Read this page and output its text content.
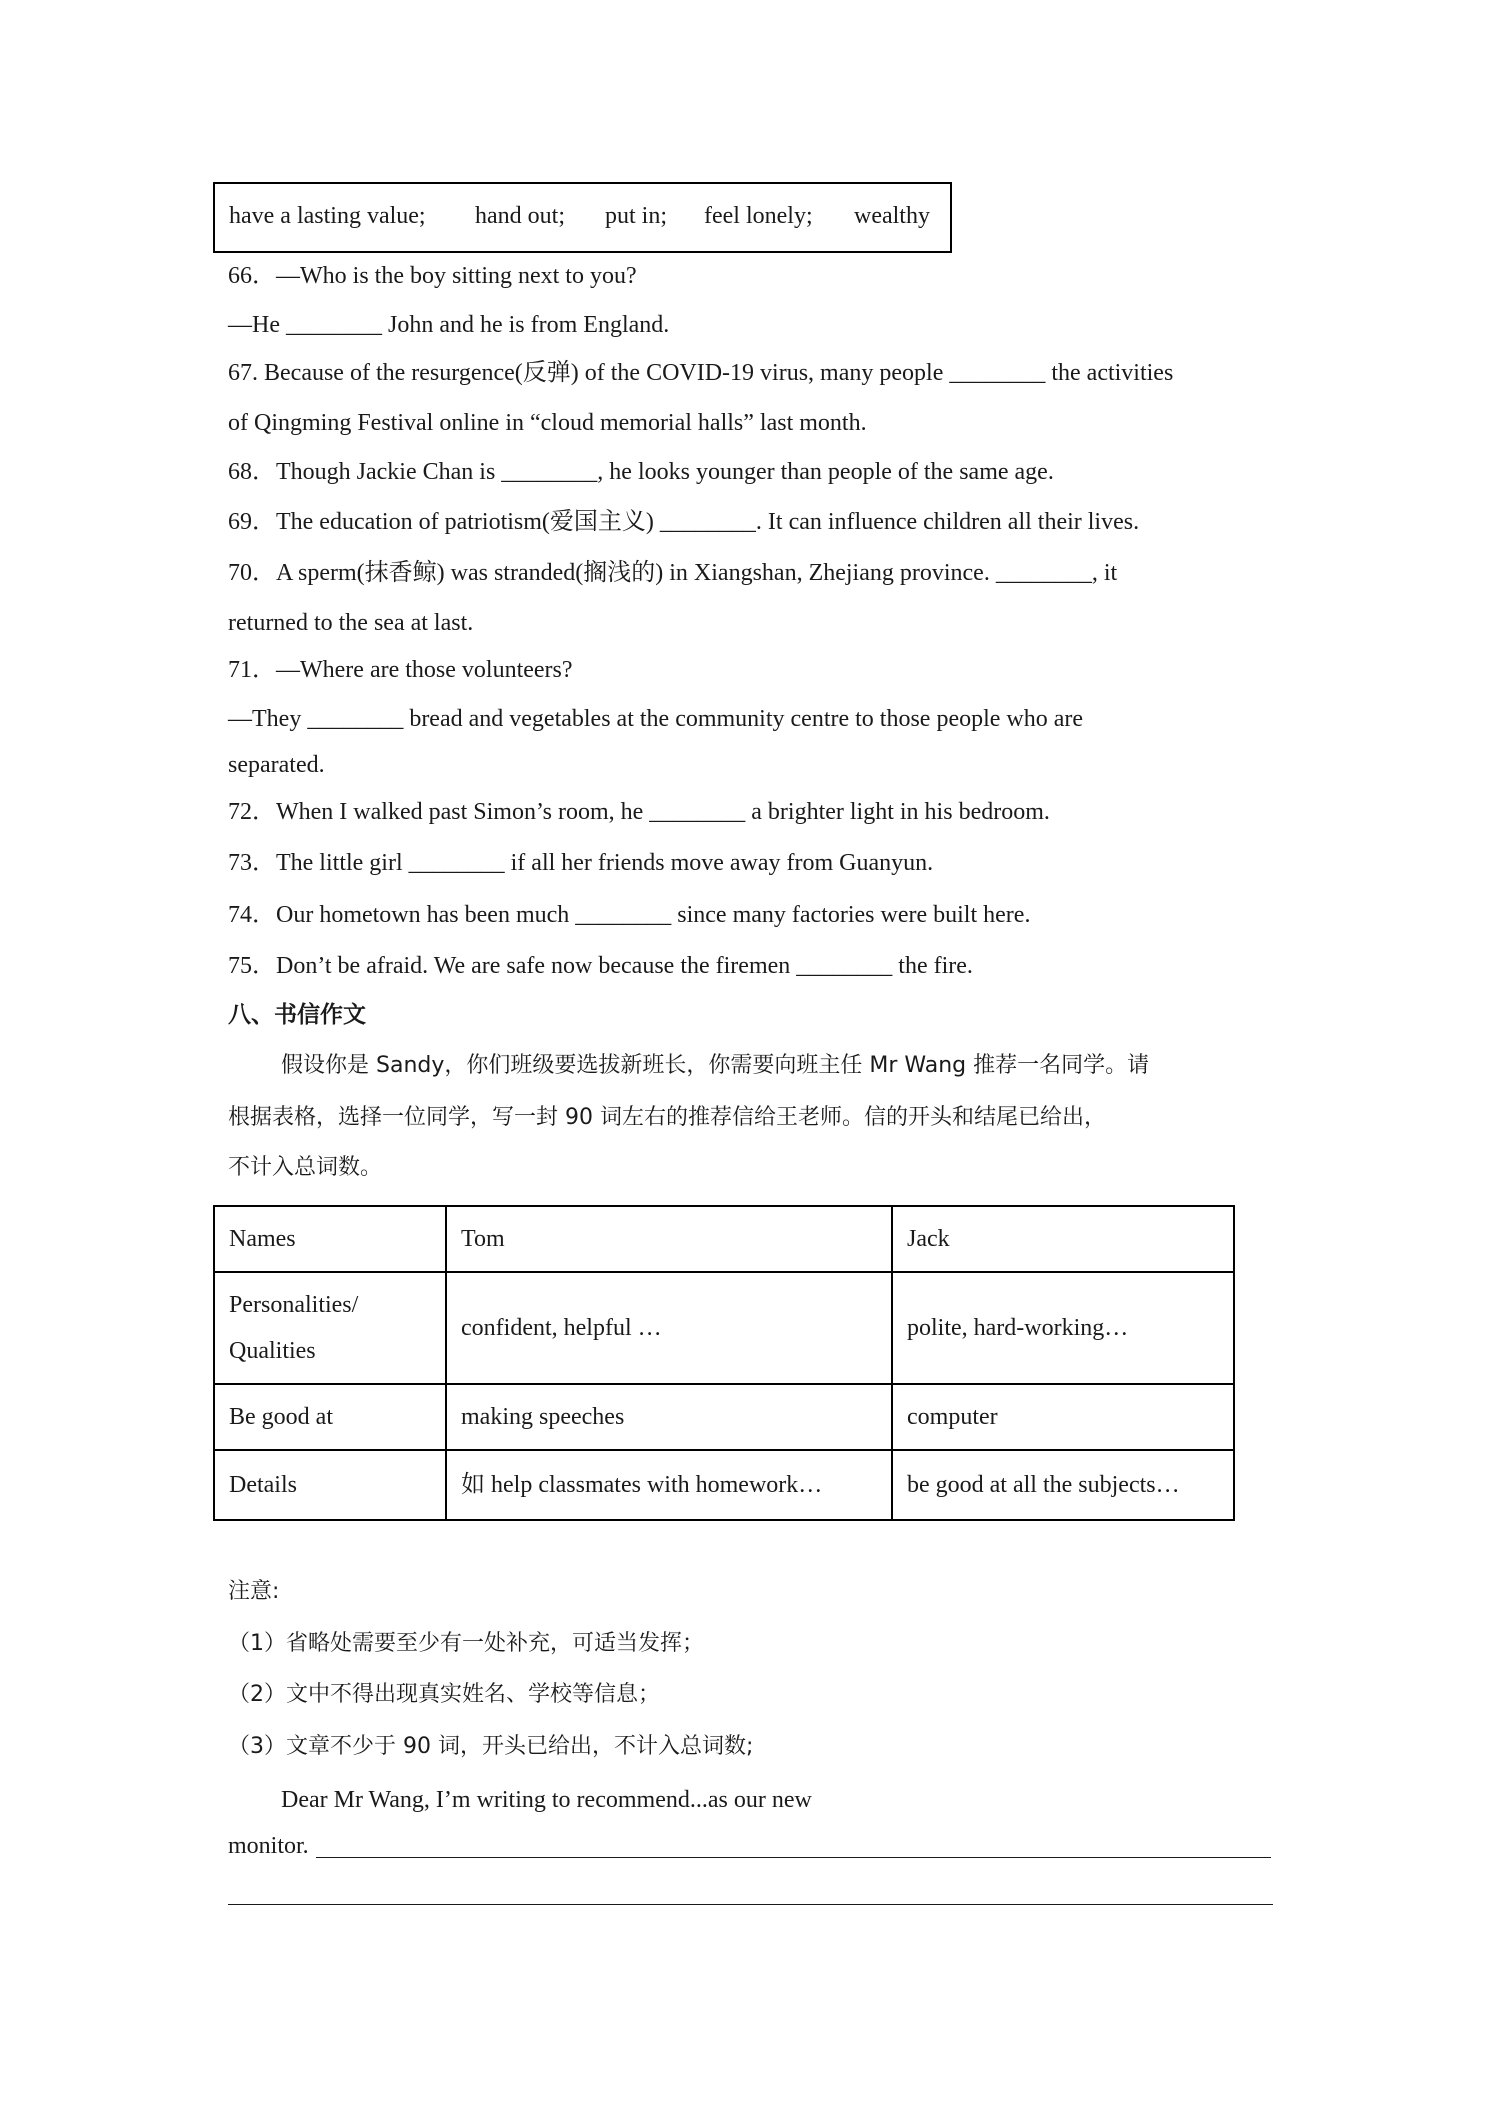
have a lasting value; hand out; put in; feel lonely; wealthy
66．—Who is the boy sitting next to you?
—He ________ John and he is from England.
67. Because of the resurgence(反弹) of the COVID-19 virus, many people ________ the activities
of Qingming Festival online in “cloud memorial halls” last month.
68．Though Jackie Chan is ________, he looks younger than people of the same age.
69．The education of patriotism(爱国主义) ________. It can influence children all their lives.
70．A sperm(抹香鲸) was stranded(搁浅的) in Xiangshan, Zhejiang province. ________, it
returned to the sea at last.
71．—Where are those volunteers?
—They ________ bread and vegetables at the community centre to those people who are
separated.
72．When I walked past Simon’s room, he ________ a brighter light in his bedroom.
73．The little girl ________ if all her friends move away from Guanyun.
74．Our hometown has been much ________ since many factories were built here.
75．Don’t be afraid. We are safe now because the firemen ________ the fire.
八、书信作文
假设你是 Sandy，你们班级要选拔新班长，你需要向班主任 Mr Wang 推荐一名同学。请
根据表格，选择一位同学，写一封 90 词左右的推荐信给王老师。信的开头和结尾已给出，
不计入总词数。
Names	Tom	Jack

Personalities/
Qualities	confident, helpful …	polite, hard-working…
Be good at	making speeches	computer
Details	如 help classmates with homework…	be good at all the subjects…
注意:
（1）省略处需要至少有一处补充，可适当发挥；
（2）文中不得出现真实姓名、学校等信息；
（3）文章不少于 90 词，开头已给出，不计入总词数;
Dear Mr Wang, I’m writing to recommend...as our new
monitor.
